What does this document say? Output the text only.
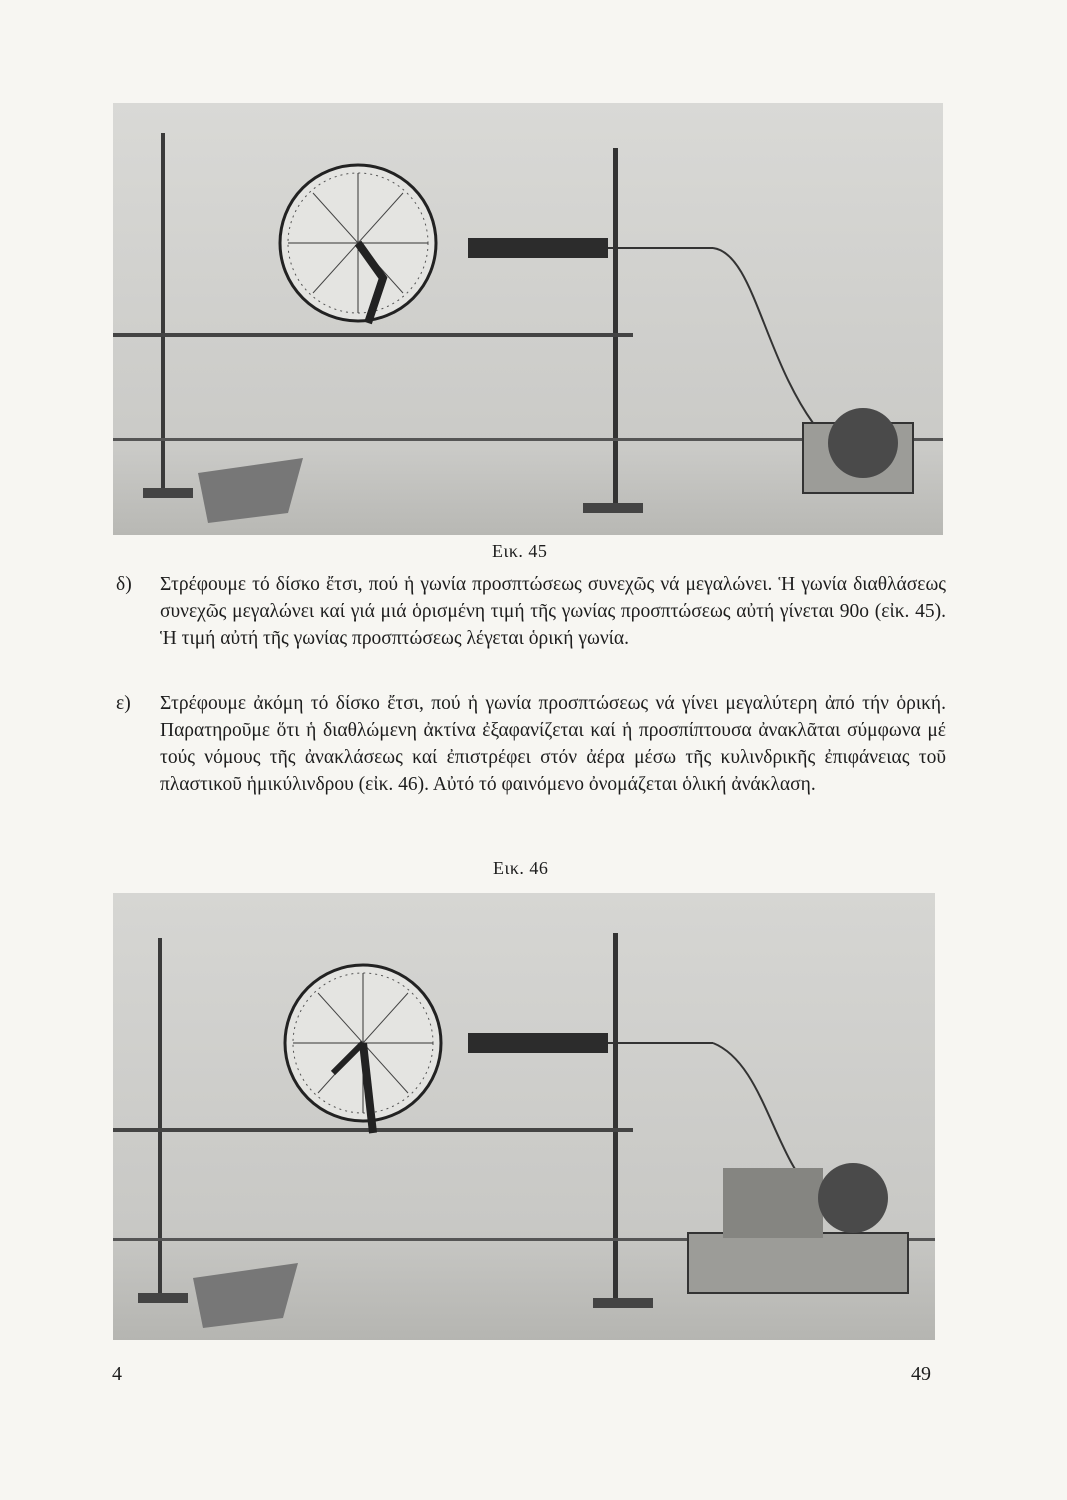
Εικ. 45
δ) Στρέφουμε τό δίσκο ἔτσι, πού ἡ γωνία προσπτώσεως συνεχῶς νά μεγαλώνει. Ἡ γωνία διαθλάσεως συνεχῶς μεγαλώνει καί γιά μιά ὁρισμένη τιμή τῆς γωνίας προσπτώσεως αὐτή γίνεται 90ο (εἰκ. 45). Ἡ τιμή αὐτή τῆς γωνίας προσπτώσεως λέγεται ὁρική γωνία.
ε) Στρέφουμε ἀκόμη τό δίσκο ἔτσι, πού ἡ γωνία προσπτώσεως νά γίνει μεγαλύτερη ἀπό τήν ὁρική. Παρατηροῦμε ὅτι ἡ διαθλώμενη ἀκτίνα ἐξαφανίζεται καί ἡ προσπίπτουσα ἀνακλᾶται σύμφωνα μέ τούς νόμους τῆς ἀνακλάσεως καί ἐπιστρέφει στόν ἀέρα μέσω τῆς κυλινδρικῆς ἐπιφάνειας τοῦ πλαστικοῦ ἡμικύλινδρου (εἰκ. 46). Αὐτό τό φαινόμενο ὀνομάζεται ὁλική ἀνάκλαση.
Εικ. 46
4	49
